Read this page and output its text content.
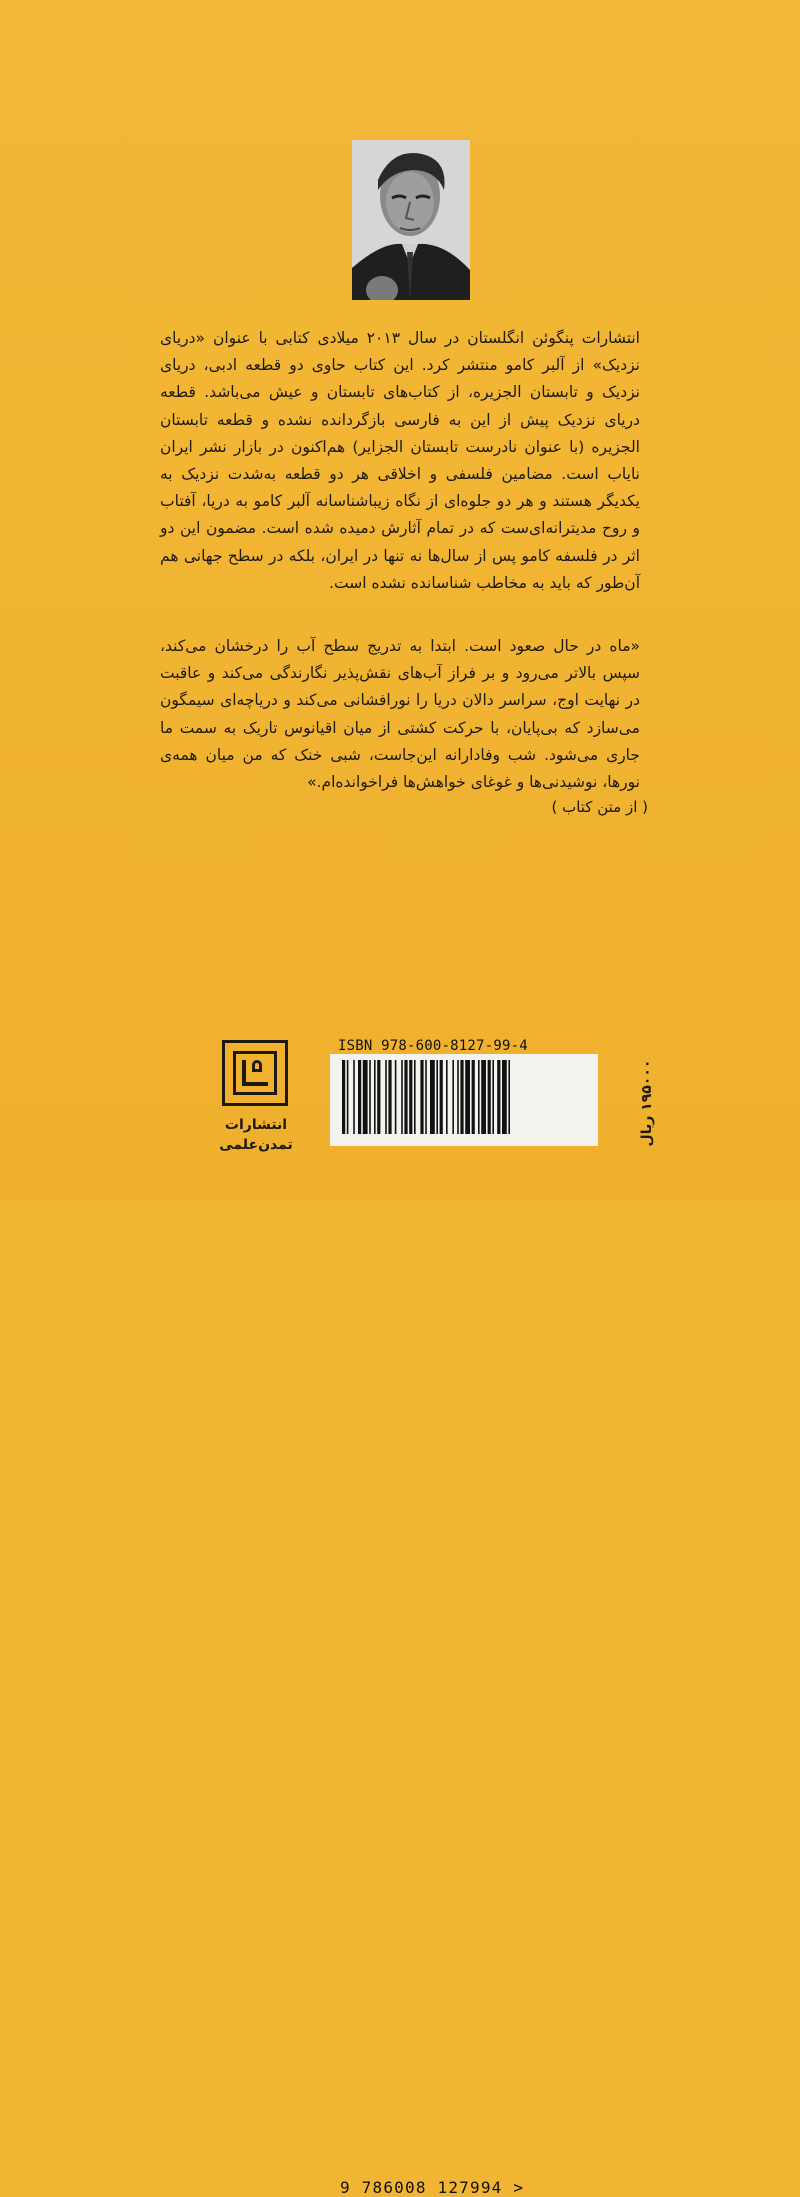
انتشارات پنگوئن انگلستان در سال ۲۰۱۳ میلادی کتابی با عنوان «دریای نزدیک» از آلبر کامو منتشر کرد. این کتاب حاوی دو قطعه ادبی، دریای نزدیک و تابستان الجزیره، از کتاب‌های تابستان و عیش می‌باشد. قطعه دریای نزدیک پیش از این به فارسی بازگردانده نشده و قطعه تابستان الجزیره (با عنوان نادرست تابستان الجزایر) هم‌اکنون در بازار نشر ایران نایاب است. مضامین فلسفی و اخلاقی هر دو قطعه به‌شدت نزدیک به یکدیگر هستند و هر دو جلوه‌ای از نگاه زیباشناسانه آلبر کامو به دریا، آفتاب و روح مدیترانه‌ای‌ست که در تمام آثارش دمیده شده است. مضمون این دو اثر در فلسفه کامو پس از سال‌ها نه تنها در ایران، بلکه در سطح جهانی هم آن‌طور که باید به مخاطب شناسانده نشده است.

«ماه در حال صعود است. ابتدا به تدریج سطح آب را درخشان می‌کند، سپس بالاتر می‌رود و بر فراز آب‌های نقش‌پذیر نگارندگی می‌کند و عاقبت در نهایت اوج، سراسر دالان دریا را نورافشانی می‌کند و دریاچه‌ای سیمگون می‌سازد که بی‌پایان، با حرکت کشتی از میان اقیانوس تاریک به سمت ما جاری می‌شود. شب وفادارانه این‌جاست، شبی خنک که من میان همه‌ی نورها، نوشیدنی‌ها و غوغای خواهش‌ها فراخوانده‌ام.»

( از متن کتاب )
انتشارات
تمدن‌علمی
ISBN 978-600-8127-99-4
9 786008 127994 >
۱۹۵۰۰۰ ریال
